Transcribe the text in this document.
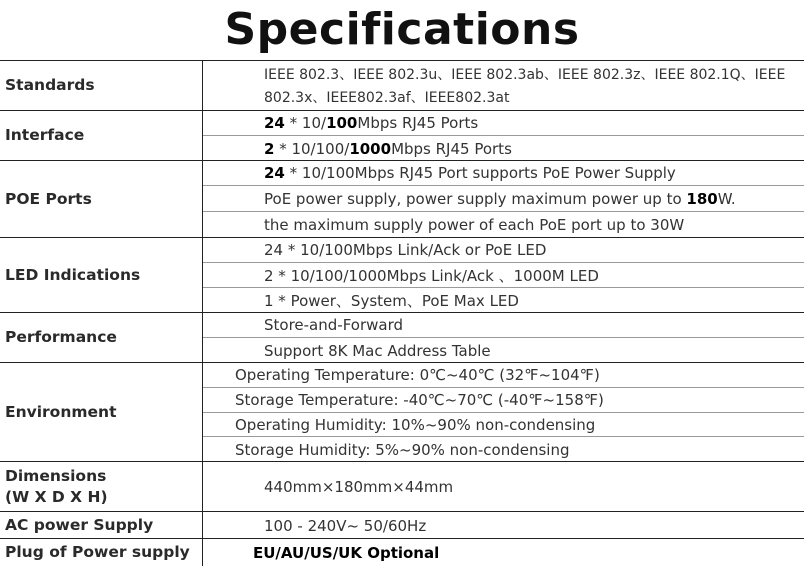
Specifications
Standards
IEEE 802.3、IEEE 802.3u、IEEE 802.3ab、IEEE 802.3z、IEEE 802.1Q、IEEE 802.3x、IEEE802.3af、IEEE802.3at
Interface
24 * 10/ 100 Mbps RJ45 Ports
2 * 10/100/ 1000 Mbps RJ45 Ports
POE Ports
24 * 10/100Mbps RJ45 Port supports PoE Power Supply
PoE power supply, power supply maximum power up to 180 W.
the maximum supply power of each PoE port up to 30W
LED Indications
24 * 10/100Mbps Link/Ack or PoE LED
2 * 10/100/1000Mbps Link/Ack 、1000M LED
1 * Power、System、PoE Max LED
Performance
Store-and-Forward
Support 8K Mac Address Table
Environment
Operating Temperature: 0℃~40℃ (32℉~104℉)
Storage Temperature: -40℃~70℃ (-40℉~158℉)
Operating Humidity: 10%~90% non-condensing
Storage Humidity: 5%~90% non-condensing
Dimensions
(W X D X H)
440mm×180mm×44mm
AC power Supply	100 - 240V~ 50/60Hz
Plug of Power supply	EU/AU/US/UK Optional
